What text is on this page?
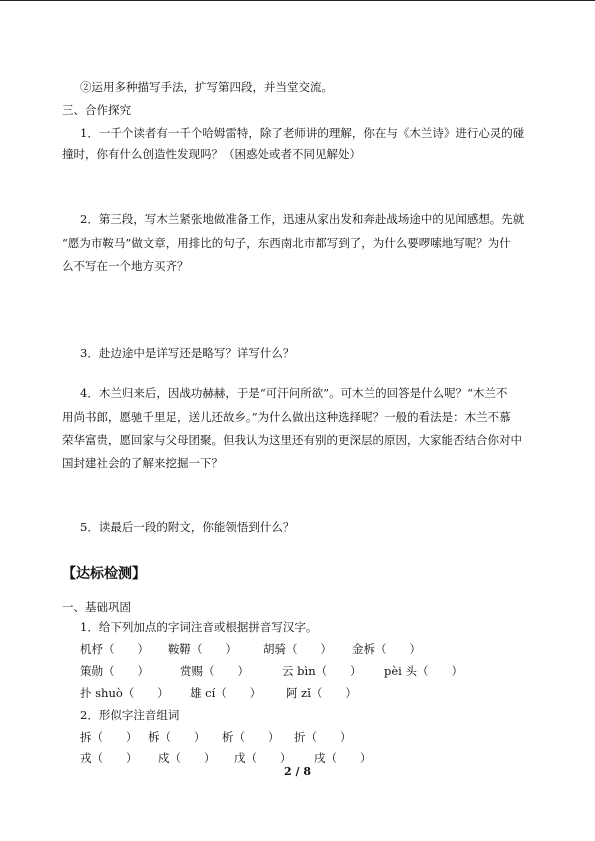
②运用多种描写手法，扩写第四段，并当堂交流。
三、合作探究
1．一千个读者有一千个哈姆雷特，除了老师讲的理解，你在与《木兰诗》进行心灵的碰
撞时，你有什么创造性发现吗？（困惑处或者不同见解处）
2．第三段，写木兰紧张地做准备工作，迅速从家出发和奔赴战场途中的见闻感想。先就
“愿为市鞍马”做文章，用排比的句子，东西南北市都写到了，为什么要啰嗦地写呢？为什
么不写在一个地方买齐？
3．赴边途中是详写还是略写？详写什么？
4．木兰归来后，因战功赫赫，于是“可汗问所欲”。可木兰的回答是什么呢？“木兰不
用尚书郎，愿驰千里足，送儿还故乡。”为什么做出这种选择呢？一般的看法是：木兰不慕
荣华富贵，愿回家与父母团聚。但我认为这里还有别的更深层的原因，大家能否结合你对中
国封建社会的了解来挖掘一下？
5．读最后一段的附文，你能领悟到什么？
【达标检测】
一、基础巩固
1．给下列加点的字词注音或根据拼音写汉字。
机杼（　　） 鞍鞯（　　） 胡骑（　　） 金柝（　　）
策勋（　　）	赏赐（　　）	云 bìn（　　） pèi 头（　　）
扑 shuò（　　） 雄 cí（　　） 阿 zǐ（　　）
2．形似字注音组词
拆（　　） 柝（　　） 析（　　） 折（　　）
戎（　　） 戍（　　） 戊（　　） 戌（　　）
2 / 8
